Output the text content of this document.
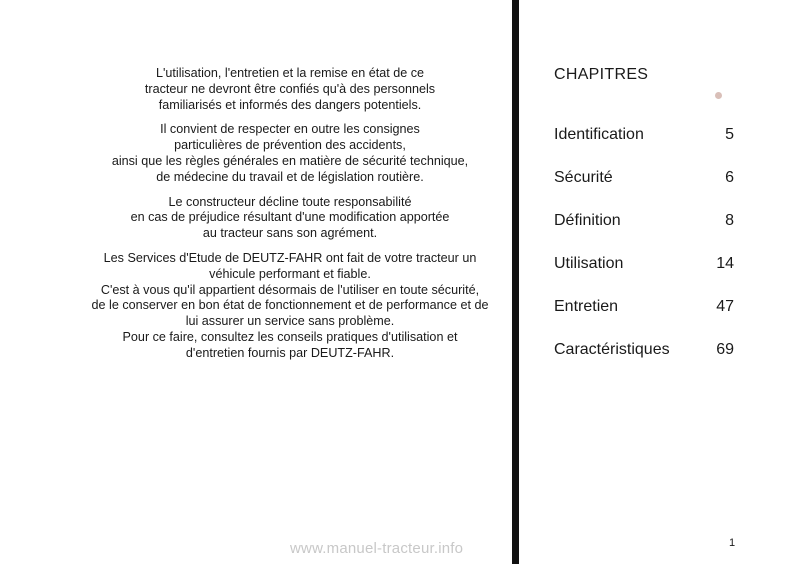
L'utilisation, l'entretien et la remise en état de ce
tracteur ne devront être confiés qu'à des personnels
familiarisés et informés des dangers potentiels.

Il convient de respecter en outre les consignes
particulières de prévention des accidents,
ainsi que les règles générales en matière de sécurité technique,
de médecine du travail et de législation routière.

Le constructeur décline toute responsabilité
en cas de préjudice résultant d'une modification apportée
au tracteur sans son agrément.

Les Services d'Etude de DEUTZ-FAHR ont fait de votre tracteur un
véhicule performant et fiable.
C'est à vous qu'il appartient désormais de l'utiliser en toute sécurité,
de le conserver en bon état de fonctionnement et de performance et de
lui assurer un service sans problème.
Pour ce faire, consultez les conseils pratiques d'utilisation et
d'entretien fournis par DEUTZ-FAHR.

CHAPITRES
Identification	5
Sécurité	6
Définition	8
Utilisation	14
Entretien	47
Caractéristiques	69
1
www.manuel-tracteur.info
